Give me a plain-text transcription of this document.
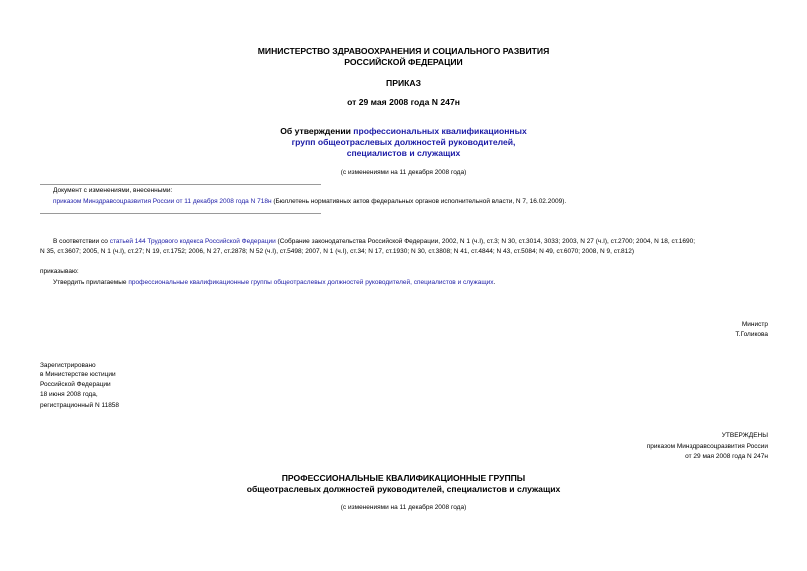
МИНИСТЕРСТВО ЗДРАВООХРАНЕНИЯ И СОЦИАЛЬНОГО РАЗВИТИЯ
РОССИЙСКОЙ ФЕДЕРАЦИИ
ПРИКАЗ
от 29 мая 2008 года N 247н
Об утверждении профессиональных квалификационных
групп общеотраслевых должностей руководителей,
специалистов и служащих
(с изменениями на 11 декабря 2008 года)
Документ с изменениями, внесенными:
приказом Минздравсоцразвития России от 11 декабря 2008 года N 718н (Бюллетень нормативных актов федеральных органов исполнительной власти, N 7, 16.02.2009).
В соответствии со статьей 144 Трудового кодекса Российской Федерации (Собрание законодательства Российской Федерации, 2002, N 1 (ч.I), ст.3; N 30, ст.3014, 3033; 2003, N 27 (ч.I), ст.2700; 2004, N 18, ст.1690;
N 35, ст.3607; 2005, N 1 (ч.I), ст.27; N 19, ст.1752; 2006, N 27, ст.2878; N 52 (ч.I), ст.5498; 2007, N 1 (ч.I), ст.34; N 17, ст.1930; N 30, ст.3808; N 41, ст.4844; N 43, ст.5084; N 49, ст.6070; 2008, N 9, ст.812)
приказываю:
Утвердить прилагаемые профессиональные квалификационные группы общеотраслевых должностей руководителей, специалистов и служащих.
Министр
Т.Голикова
Зарегистрировано
в Министерстве юстиции
Российской Федерации
18 июня 2008 года,
регистрационный N 11858
УТВЕРЖДЕНЫ
приказом Минздравсоцразвития России
от 29 мая 2008 года N 247н
ПРОФЕССИОНАЛЬНЫЕ КВАЛИФИКАЦИОННЫЕ ГРУППЫ
общеотраслевых должностей руководителей, специалистов и служащих
(с изменениями на 11 декабря 2008 года)
